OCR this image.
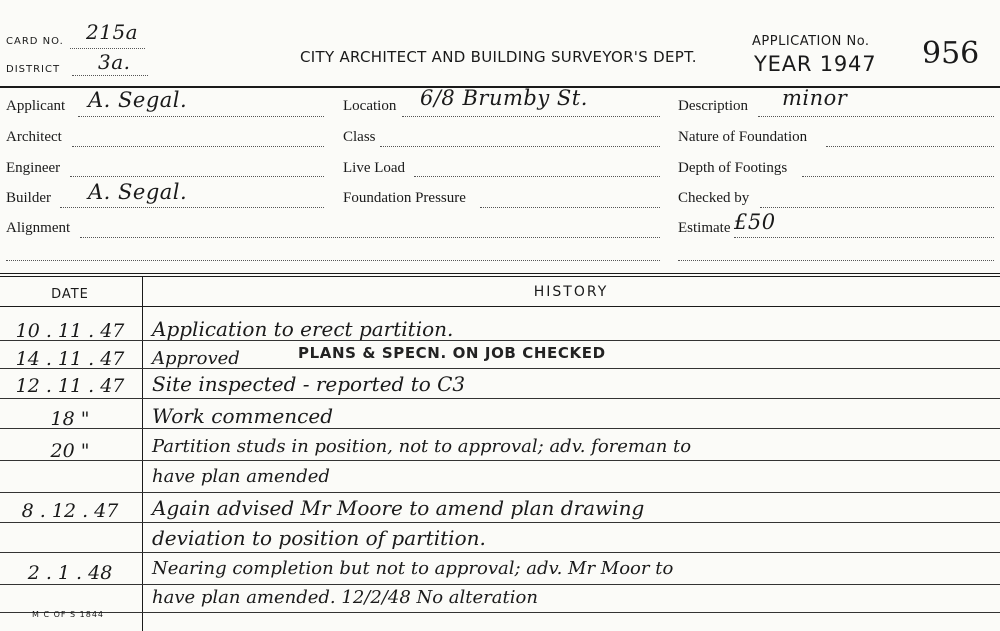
CARD NO. 215a
DISTRICT 3a.	CITY ARCHITECT AND BUILDING SURVEYOR'S DEPT.
APPLICATION No.
YEAR 1947 956
Applicant A. Segal.
Architect
Engineer
Builder A. Segal.
Alignment
Location 6/8 Brumby St.
Class
Live Load
Foundation Pressure
Description minor
Nature of Foundation
Depth of Footings
Checked by
Estimate £50
DATE	HISTORY
10 . 11 . 47	Application to erect partition.
14 . 11 . 47	Approved	PLANS & SPECN. ON JOB CHECKED
12 . 11 . 47	Site inspected - reported to C3
18 "	Work commenced
20 "	Partition studs in position, not to approval; adv. foreman to
have plan amended
8 . 12 . 47	Again advised Mr Moore to amend plan drawing
deviation to position of partition.
2 . 1 . 48	Nearing completion but not to approval; adv. Mr Moor to
have plan amended. 12/2/48 No alteration
M C OF S 1844
